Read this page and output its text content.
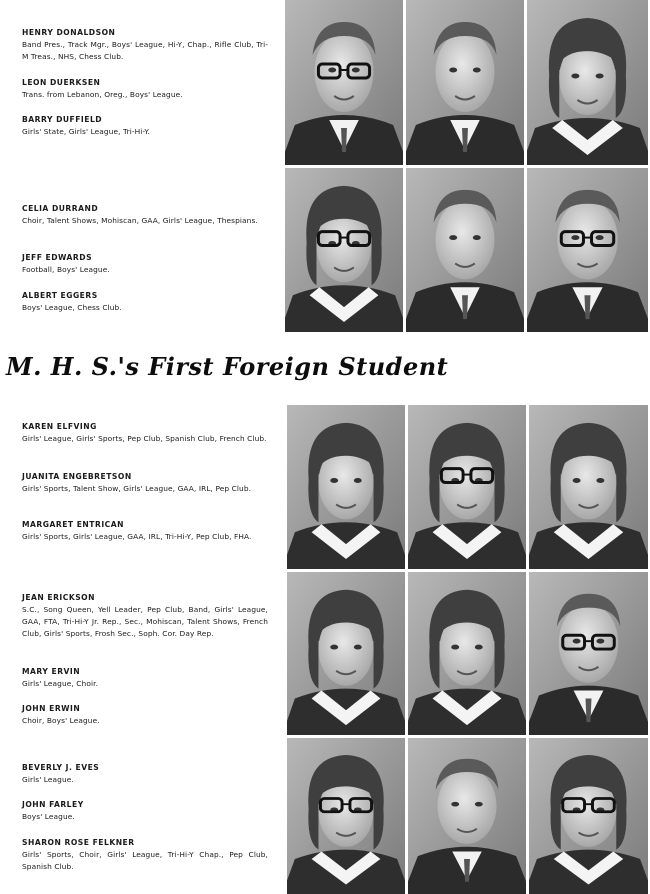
HENRY DONALDSON

Band Pres., Track Mgr., Boys' League, Hi-Y, Chap., Rifle Club, Tri-M Treas., NHS, Chess Club.

LEON DUERKSEN

Trans. from Lebanon, Oreg., Boys' League.

BARRY DUFFIELD

Girls' State, Girls' League, Tri-Hi-Y.

CELIA DURRAND

Choir, Talent Shows, Mohiscan, GAA, Girls' League, Thespians.

JEFF EDWARDS

Football, Boys' League.

ALBERT EGGERS

Boys' League, Chess Club.

M. H. S.'s First Foreign Student

KAREN ELFVING

Girls' League, Girls' Sports, Pep Club, Spanish Club, French Club.

JUANITA ENGEBRETSON

Girls' Sports, Talent Show, Girls' League, GAA, IRL, Pep Club.

MARGARET ENTRICAN

Girls' Sports, Girls' League, GAA, IRL, Tri-Hi-Y, Pep Club, FHA.

JEAN ERICKSON

S.C., Song Queen, Yell Leader, Pep Club, Band, Girls' League, GAA, FTA, Tri-Hi-Y Jr. Rep., Sec., Mohiscan, Talent Shows, French Club, Girls' Sports, Frosh Sec., Soph. Cor. Day Rep.

MARY ERVIN

Girls' League, Choir.

JOHN ERWIN

Choir, Boys' League.

BEVERLY J. EVES

Girls' League.

JOHN FARLEY

Boys' League.

SHARON ROSE FELKNER

Girls' Sports, Choir, Girls' League, Tri-Hi-Y Chap., Pep Club, Spanish Club.
